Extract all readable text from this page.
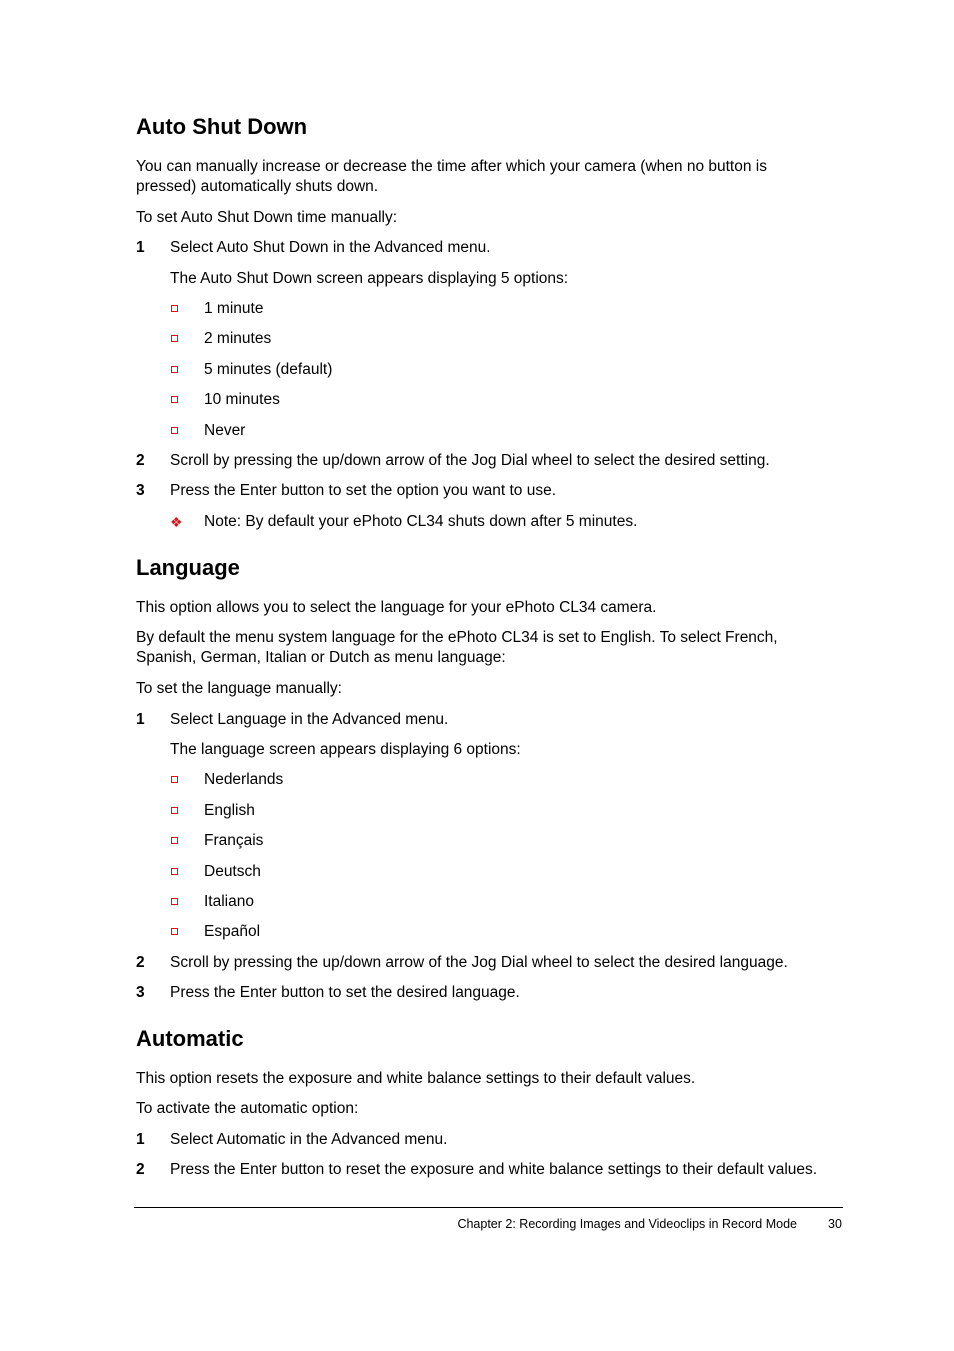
Auto Shut Down
You can manually increase or decrease the time after which your camera (when no button is pressed) automatically shuts down.
To set Auto Shut Down time manually:
1 Select Auto Shut Down in the Advanced menu.
The Auto Shut Down screen appears displaying 5 options:
1 minute
2 minutes
5 minutes (default)
10 minutes
Never
2 Scroll by pressing the up/down arrow of the Jog Dial wheel to select the desired setting.
3 Press the Enter button to set the option you want to use.
❖ Note: By default your ePhoto CL34 shuts down after 5 minutes.
Language
This option allows you to select the language for your ePhoto CL34 camera.
By default the menu system language for the ePhoto CL34 is set to English. To select French, Spanish, German, Italian or Dutch as menu language:
To set the language manually:
1 Select Language in the Advanced menu.
The language screen appears displaying 6 options:
Nederlands
English
Français
Deutsch
Italiano
Español
2 Scroll by pressing the up/down arrow of the Jog Dial wheel to select the desired language.
3 Press the Enter button to set the desired language.
Automatic
This option resets the exposure and white balance settings to their default values.
To activate the automatic option:
1 Select Automatic in the Advanced menu.
2 Press the Enter button to reset the exposure and white balance settings to their default values.
Chapter 2: Recording Images and Videoclips in Record Mode 30
